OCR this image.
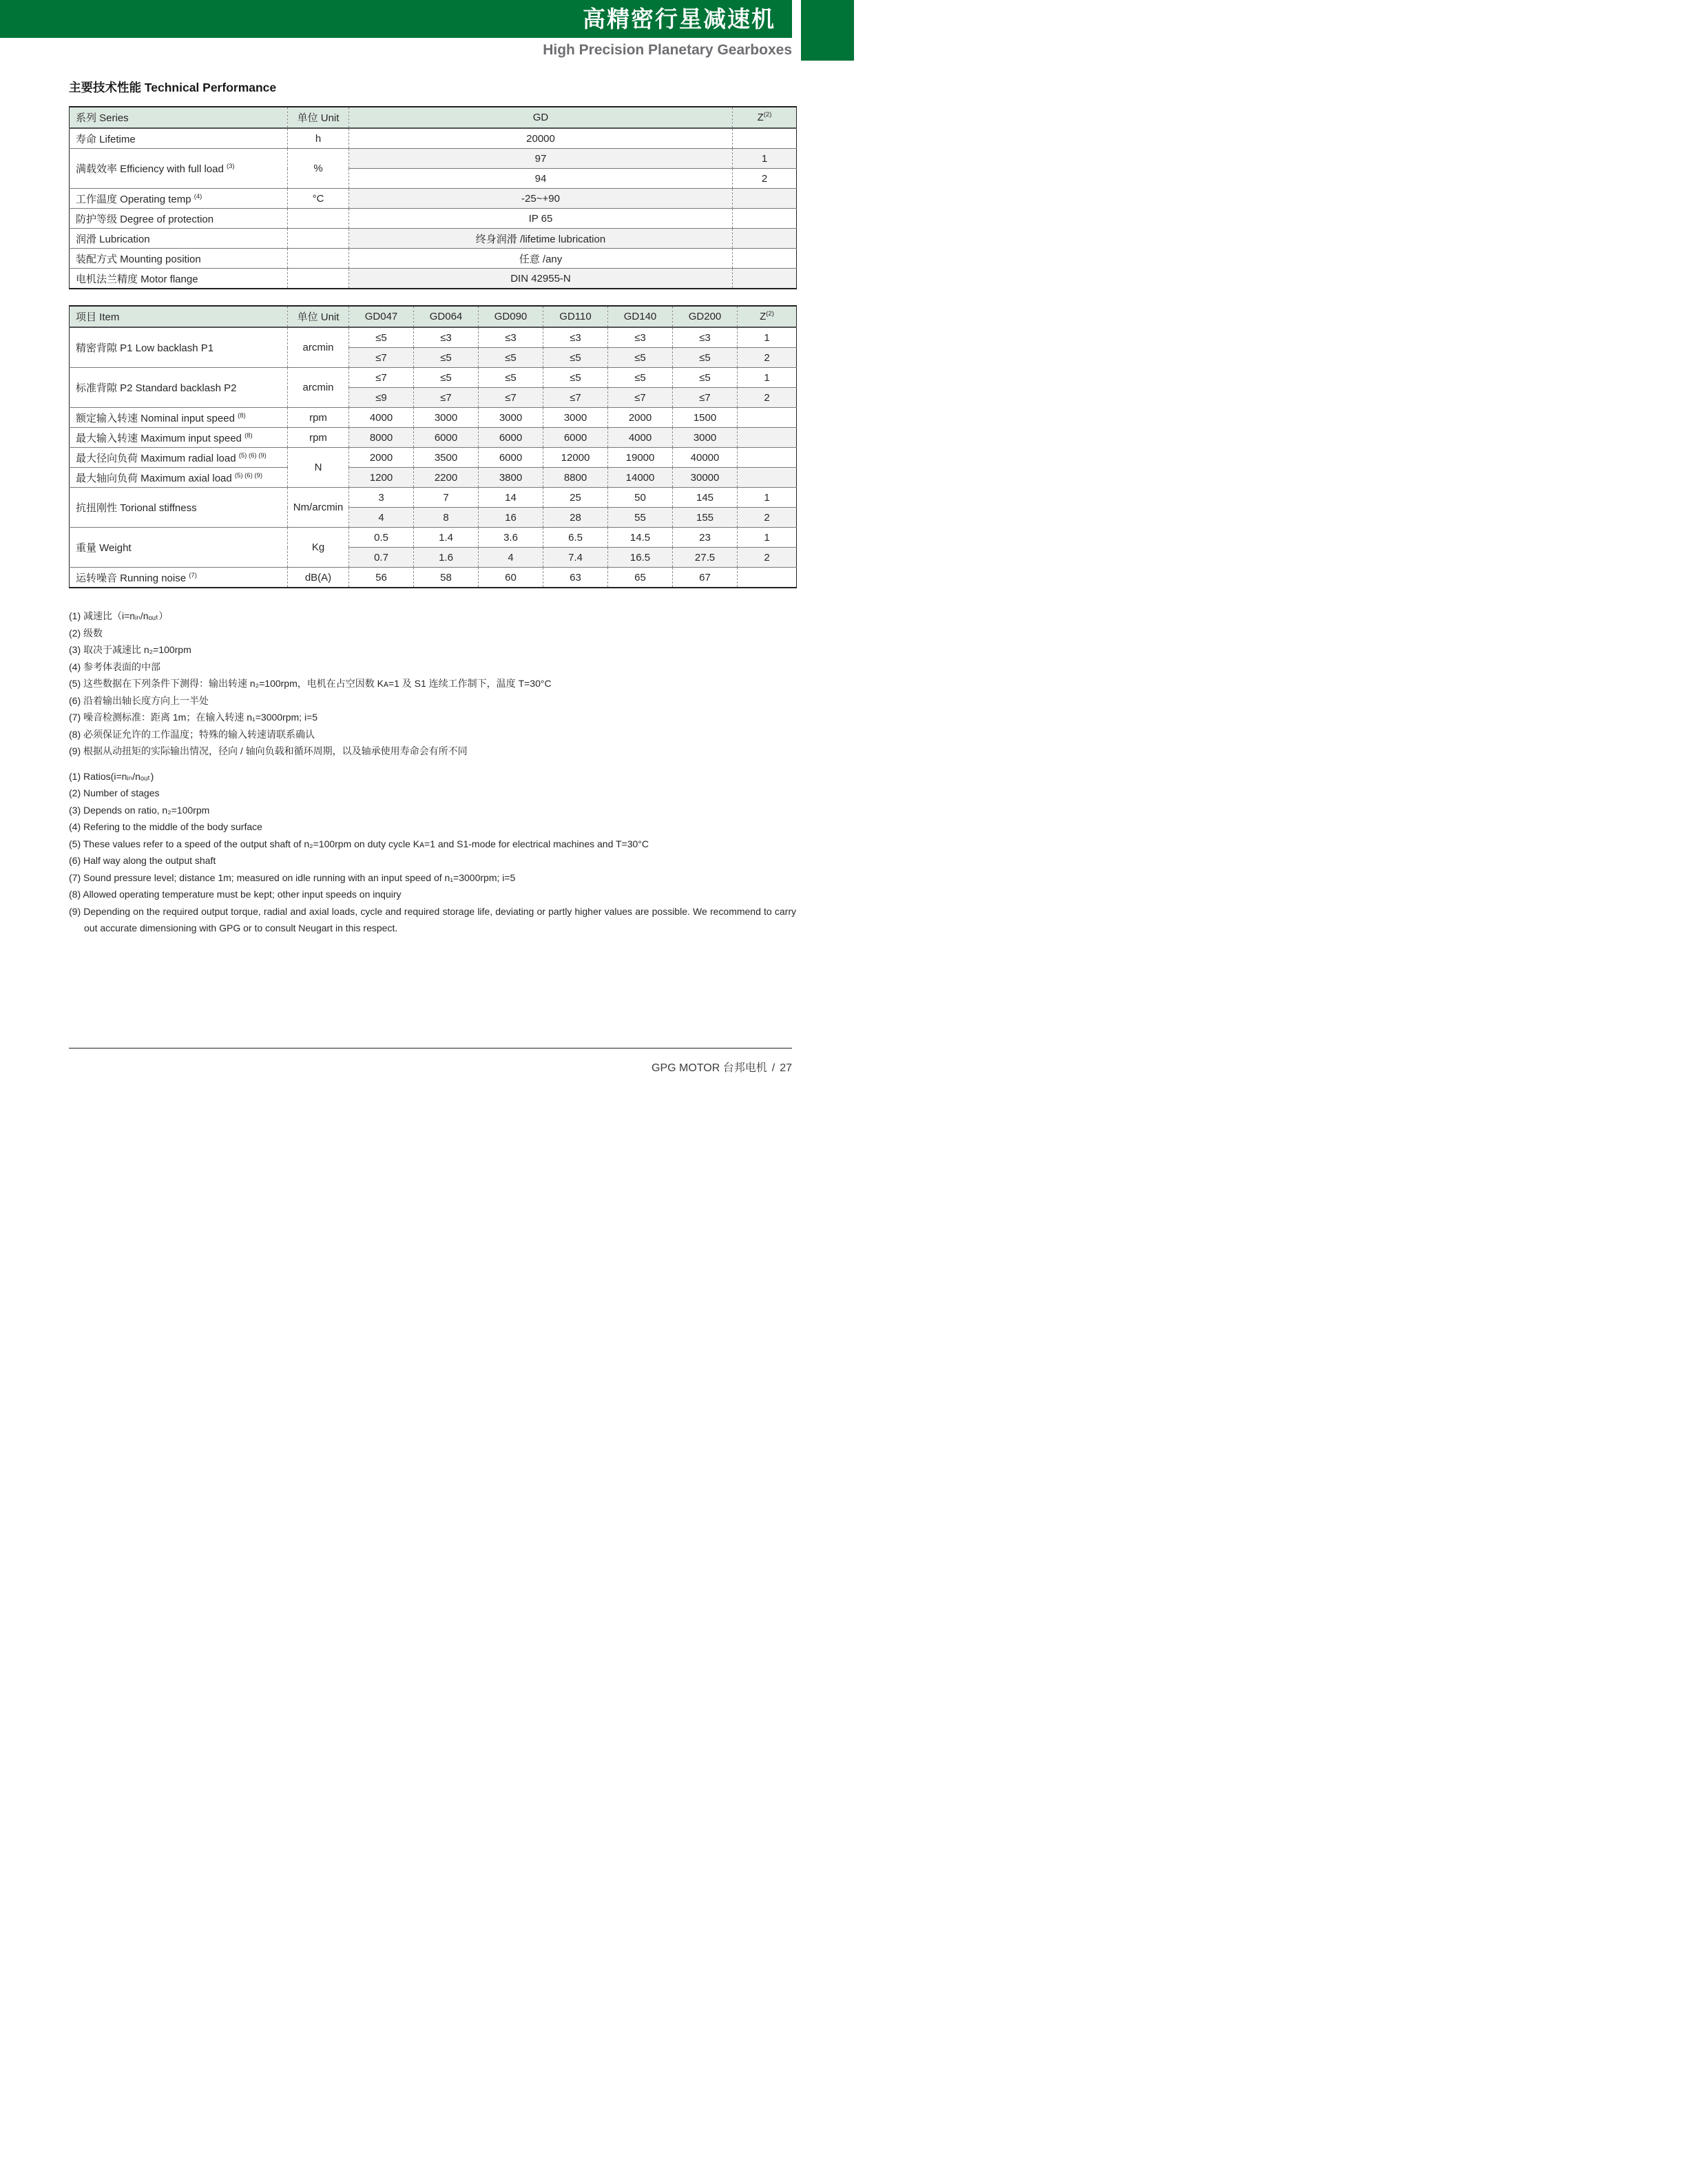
高精密行星减速机
High Precision Planetary Gearboxes
主要技术性能 Technical Performance
系列 Series	单位 Unit	GD	$Z^{(2)}$
寿命 Lifetime	h	20000	
满载效率 Efficiency with full load $^{(3)}$	%	97	1
		94	2
工作温度 Operating temp $^{(4)}$	°C	-25~+90	
防护等级 Degree of protection		IP 65	
润滑 Lubrication		终身润滑 /lifetime lubrication	
装配方式 Mounting position		任意 /any	
电机法兰精度 Motor flange		DIN 42955-N	
项目 Item	单位 Unit	GD047	GD064	GD090	GD110	GD140	GD200	$Z^{(2)}$
精密背隙 P1 Low backlash P1	arcmin	≤5	≤3	≤3	≤3	≤3	≤3	1
		≤7	≤5	≤5	≤5	≤5	≤5	2
标准背隙 P2 Standard backlash P2	arcmin	≤7	≤5	≤5	≤5	≤5	≤5	1
		≤9	≤7	≤7	≤7	≤7	≤7	2
额定输入转速 Nominal input speed $^{(8)}$	rpm	4000	3000	3000	3000	2000	1500	
最大输入转速 Maximum input speed $^{(8)}$	rpm	8000	6000	6000	6000	4000	3000	
最大径向负荷 Maximum radial load $^{(5) (6) (9)}$	N	2000	3500	6000	12000	19000	40000	
最大轴向负荷 Maximum axial load $^{(5) (6) (9)}$		1200	2200	3800	8800	14000	30000	
抗扭刚性 Torional stiffness	Nm/arcmin	3	7	14	25	50	145	1
		4	8	16	28	55	155	2
重量 Weight	Kg	0.5	1.4	3.6	6.5	14.5	23	1
		0.7	1.6	4	7.4	16.5	27.5	2
运转噪音 Running noise $^{(7)}$	dB(A)	56	58	60	63	65	67	

(1) 减速比（i=nᵢₙ/nₒᵤₜ）

(2) 级数

(3) 取决于减速比 n₂=100rpm

(4) 参考体表面的中部

(5) 这些数据在下列条件下测得：输出转速 n₂=100rpm，电机在占空因数 Kᴀ=1 及 S1 连续工作制下，温度 T=30°C

(6) 沿着输出轴长度方向上一半处

(7) 噪音检测标准：距离 1m；在输入转速 n₁=3000rpm; i=5

(8) 必须保证允许的工作温度；特殊的输入转速请联系确认

(9) 根据从动扭矩的实际输出情况，径向 / 轴向负载和循环周期，以及轴承使用寿命会有所不同

(1) Ratios(i=nᵢₙ/nₒᵤₜ)

(2) Number of stages

(3) Depends on ratio, n₂=100rpm

(4) Refering to the middle of the body surface

(5) These values refer to a speed of the output shaft of n₂=100rpm on duty cycle Kᴀ=1 and S1-mode for electrical machines and T=30°C

(6) Half way along the output shaft

(7) Sound pressure level; distance 1m; measured on idle running with an input speed of n₁=3000rpm; i=5

(8) Allowed operating temperature must be kept; other input speeds on inquiry

(9) Depending on the required output torque, radial and axial loads, cycle and required storage life, deviating or partly higher values are possible. We recommend to carry out accurate dimensioning with GPG or to consult Neugart in this respect.

GPG MOTOR 台邦电机 / 27
